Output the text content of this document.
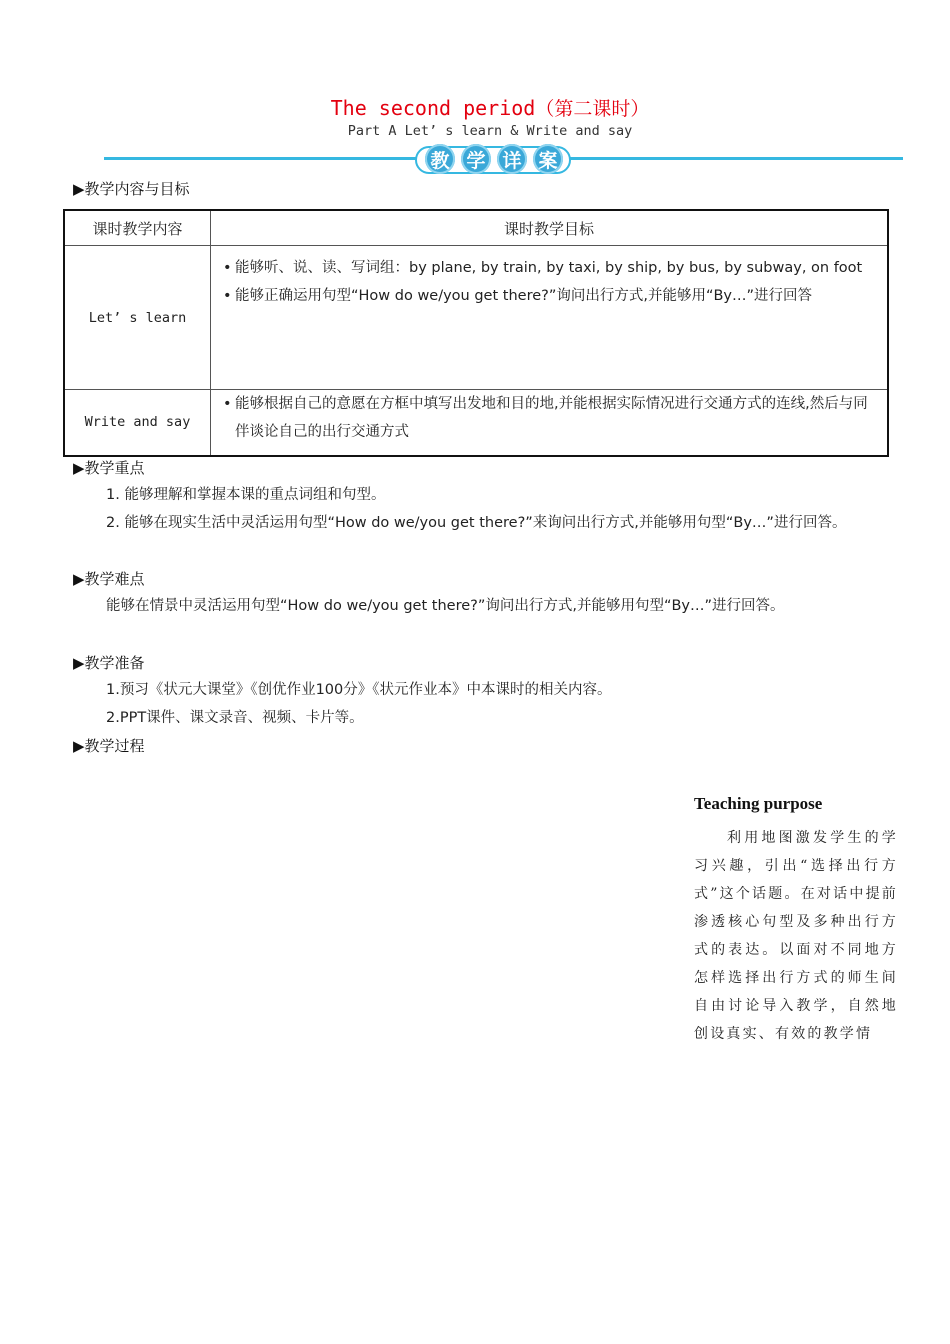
The second period（第二课时）
Part A Let’ s learn & Write and say
教 学 详 案
▶教学内容与目标
课时教学内容	课时教学目标
Let’ s learn	• 能够听、说、读、写词组：by plane, by train, by taxi, by ship, by bus, by subway, on foot
• 能够正确运用句型“How do we/you get there?”询问出行方式,并能够用“By…”进行回答

Write and say	• 能够根据自己的意愿在方框中填写出发地和目的地,并能根据实际情况进行交通方式的连线,然后与同伴谈论自己的出行交通方式
▶教学重点
1. 能够理解和掌握本课的重点词组和句型。
2. 能够在现实生活中灵活运用句型“How do we/you get there?”来询问出行方式,并能够用句型“By…”进行回答。
▶教学难点
能够在情景中灵活运用句型“How do we/you get there?”询问出行方式,并能够用句型“By…”进行回答。
▶教学准备
1.预习《状元大课堂》《创优作业100分》《状元作业本》中本课时的相关内容。
2.PPT课件、课文录音、视频、卡片等。
▶教学过程
Teaching purpose
利用地图激发学生的学习兴趣，引出“选择出行方式”这个话题。在对话中提前渗透核心句型及多种出行方式的表达。以面对不同地方怎样选择出行方式的师生间自由讨论导入教学，自然地创设真实、有效的教学情
